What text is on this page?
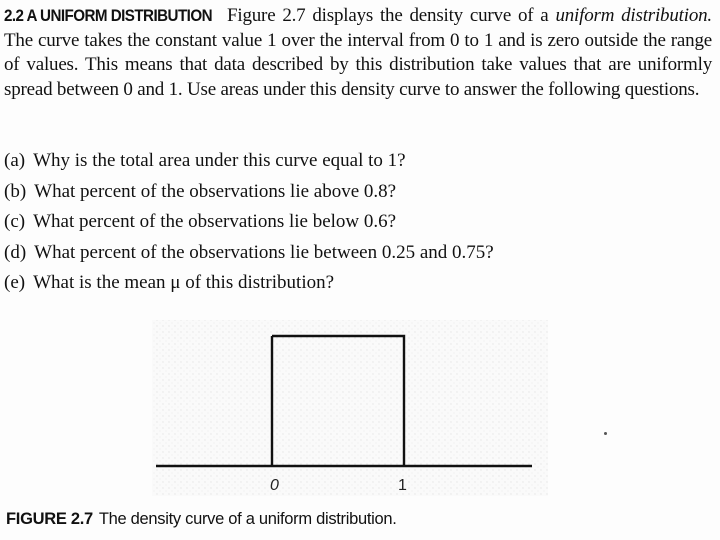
2.2 A UNIFORM DISTRIBUTION Figure 2.7 displays the density curve of a uniform distribution. The curve takes the constant value 1 over the interval from 0 to 1 and is zero outside the range of values. This means that data described by this distribution take values that are uniformly spread between 0 and 1. Use areas under this density curve to answer the following questions.

(a) Why is the total area under this curve equal to 1?
(b) What percent of the observations lie above 0.8?
(c) What percent of the observations lie below 0.6?
(d) What percent of the observations lie between 0.25 and 0.75?
(e) What is the mean μ of this distribution?
0	1
FIGURE 2.7 The density curve of a uniform distribution.
